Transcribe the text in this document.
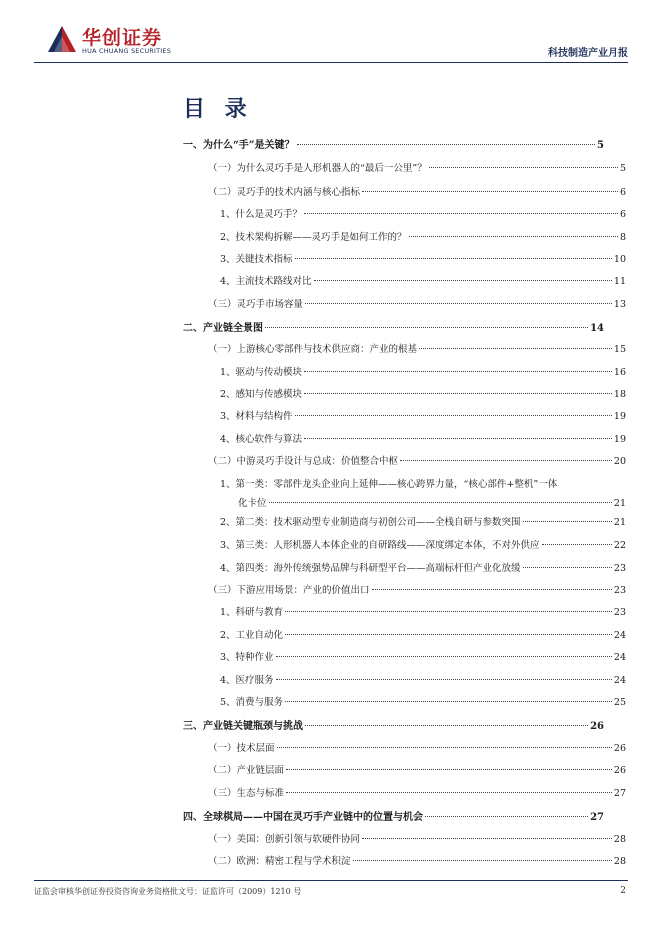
华创证券
HUA CHUANG SECURITIES	科技制造产业月报
目 录
一、为什么“手”是关键？	5
（一）为什么灵巧手是人形机器人的“最后一公里”？	5
（二）灵巧手的技术内涵与核心指标	6
1、什么是灵巧手？	6
2、技术架构拆解——灵巧手是如何工作的？	8
3、关键技术指标	10
4、主流技术路线对比	11
（三）灵巧手市场容量	13
二、产业链全景图	14
（一）上游核心零部件与技术供应商：产业的根基	15
1、驱动与传动模块	16
2、感知与传感模块	18
3、材料与结构件	19
4、核心软件与算法	19
（二）中游灵巧手设计与总成：价值整合中枢	20
1、第一类：零部件龙头企业向上延伸——核心跨界力量，“核心部件+整机”一体
化卡位	21
2、第二类：技术驱动型专业制造商与初创公司——全栈自研与参数突围	21
3、第三类：人形机器人本体企业的自研路线——深度绑定本体，不对外供应	22
4、第四类：海外传统强势品牌与科研型平台——高端标杆但产业化放缓	23
（三）下游应用场景：产业的价值出口	23
1、科研与教育	23
2、工业自动化	24
3、特种作业	24
4、医疗服务	24
5、消费与服务	25
三、产业链关键瓶颈与挑战	26
（一）技术层面	26
（二）产业链层面	26
（三）生态与标准	27
四、全球棋局——中国在灵巧手产业链中的位置与机会	27
（一）美国：创新引领与软硬件协同	28
（二）欧洲：精密工程与学术积淀	28
证监会审核华创证券投资咨询业务资格批文号：证监许可（2009）1210 号	2
